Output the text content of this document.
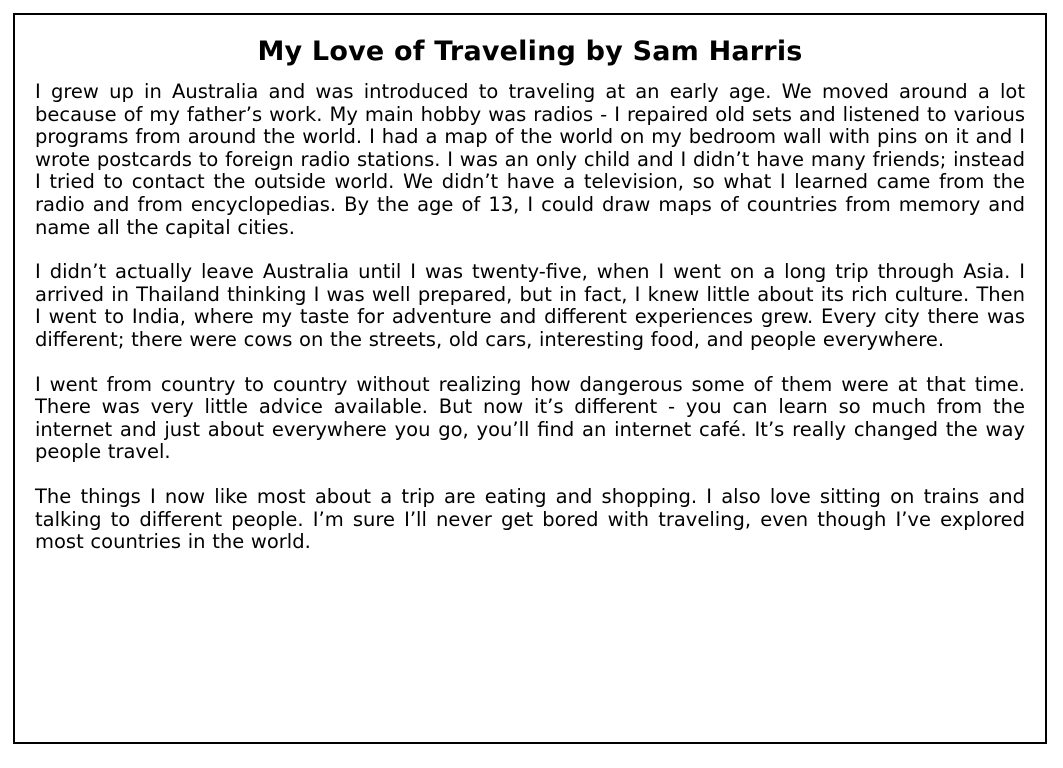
My Love of Traveling by Sam Harris

I grew up in Australia and was introduced to traveling at an early age. We moved around a lot because of my father’s work. My main hobby was radios - I repaired old sets and listened to various programs from around the world. I had a map of the world on my bedroom wall with pins on it and I wrote postcards to foreign radio stations. I was an only child and I didn’t have many friends; instead I tried to contact the outside world. We didn’t have a television, so what I learned came from the radio and from encyclopedias. By the age of 13, I could draw maps of countries from memory and name all the capital cities.

I didn’t actually leave Australia until I was twenty-five, when I went on a long trip through Asia. I arrived in Thailand thinking I was well prepared, but in fact, I knew little about its rich culture. Then I went to India, where my taste for adventure and different experiences grew. Every city there was different; there were cows on the streets, old cars, interesting food, and people everywhere.

I went from country to country without realizing how dangerous some of them were at that time. There was very little advice available. But now it’s different - you can learn so much from the internet and just about everywhere you go, you’ll find an internet café. It’s really changed the way people travel.

The things I now like most about a trip are eating and shopping. I also love sitting on trains and talking to different people. I’m sure I’ll never get bored with traveling, even though I’ve explored most countries in the world.
